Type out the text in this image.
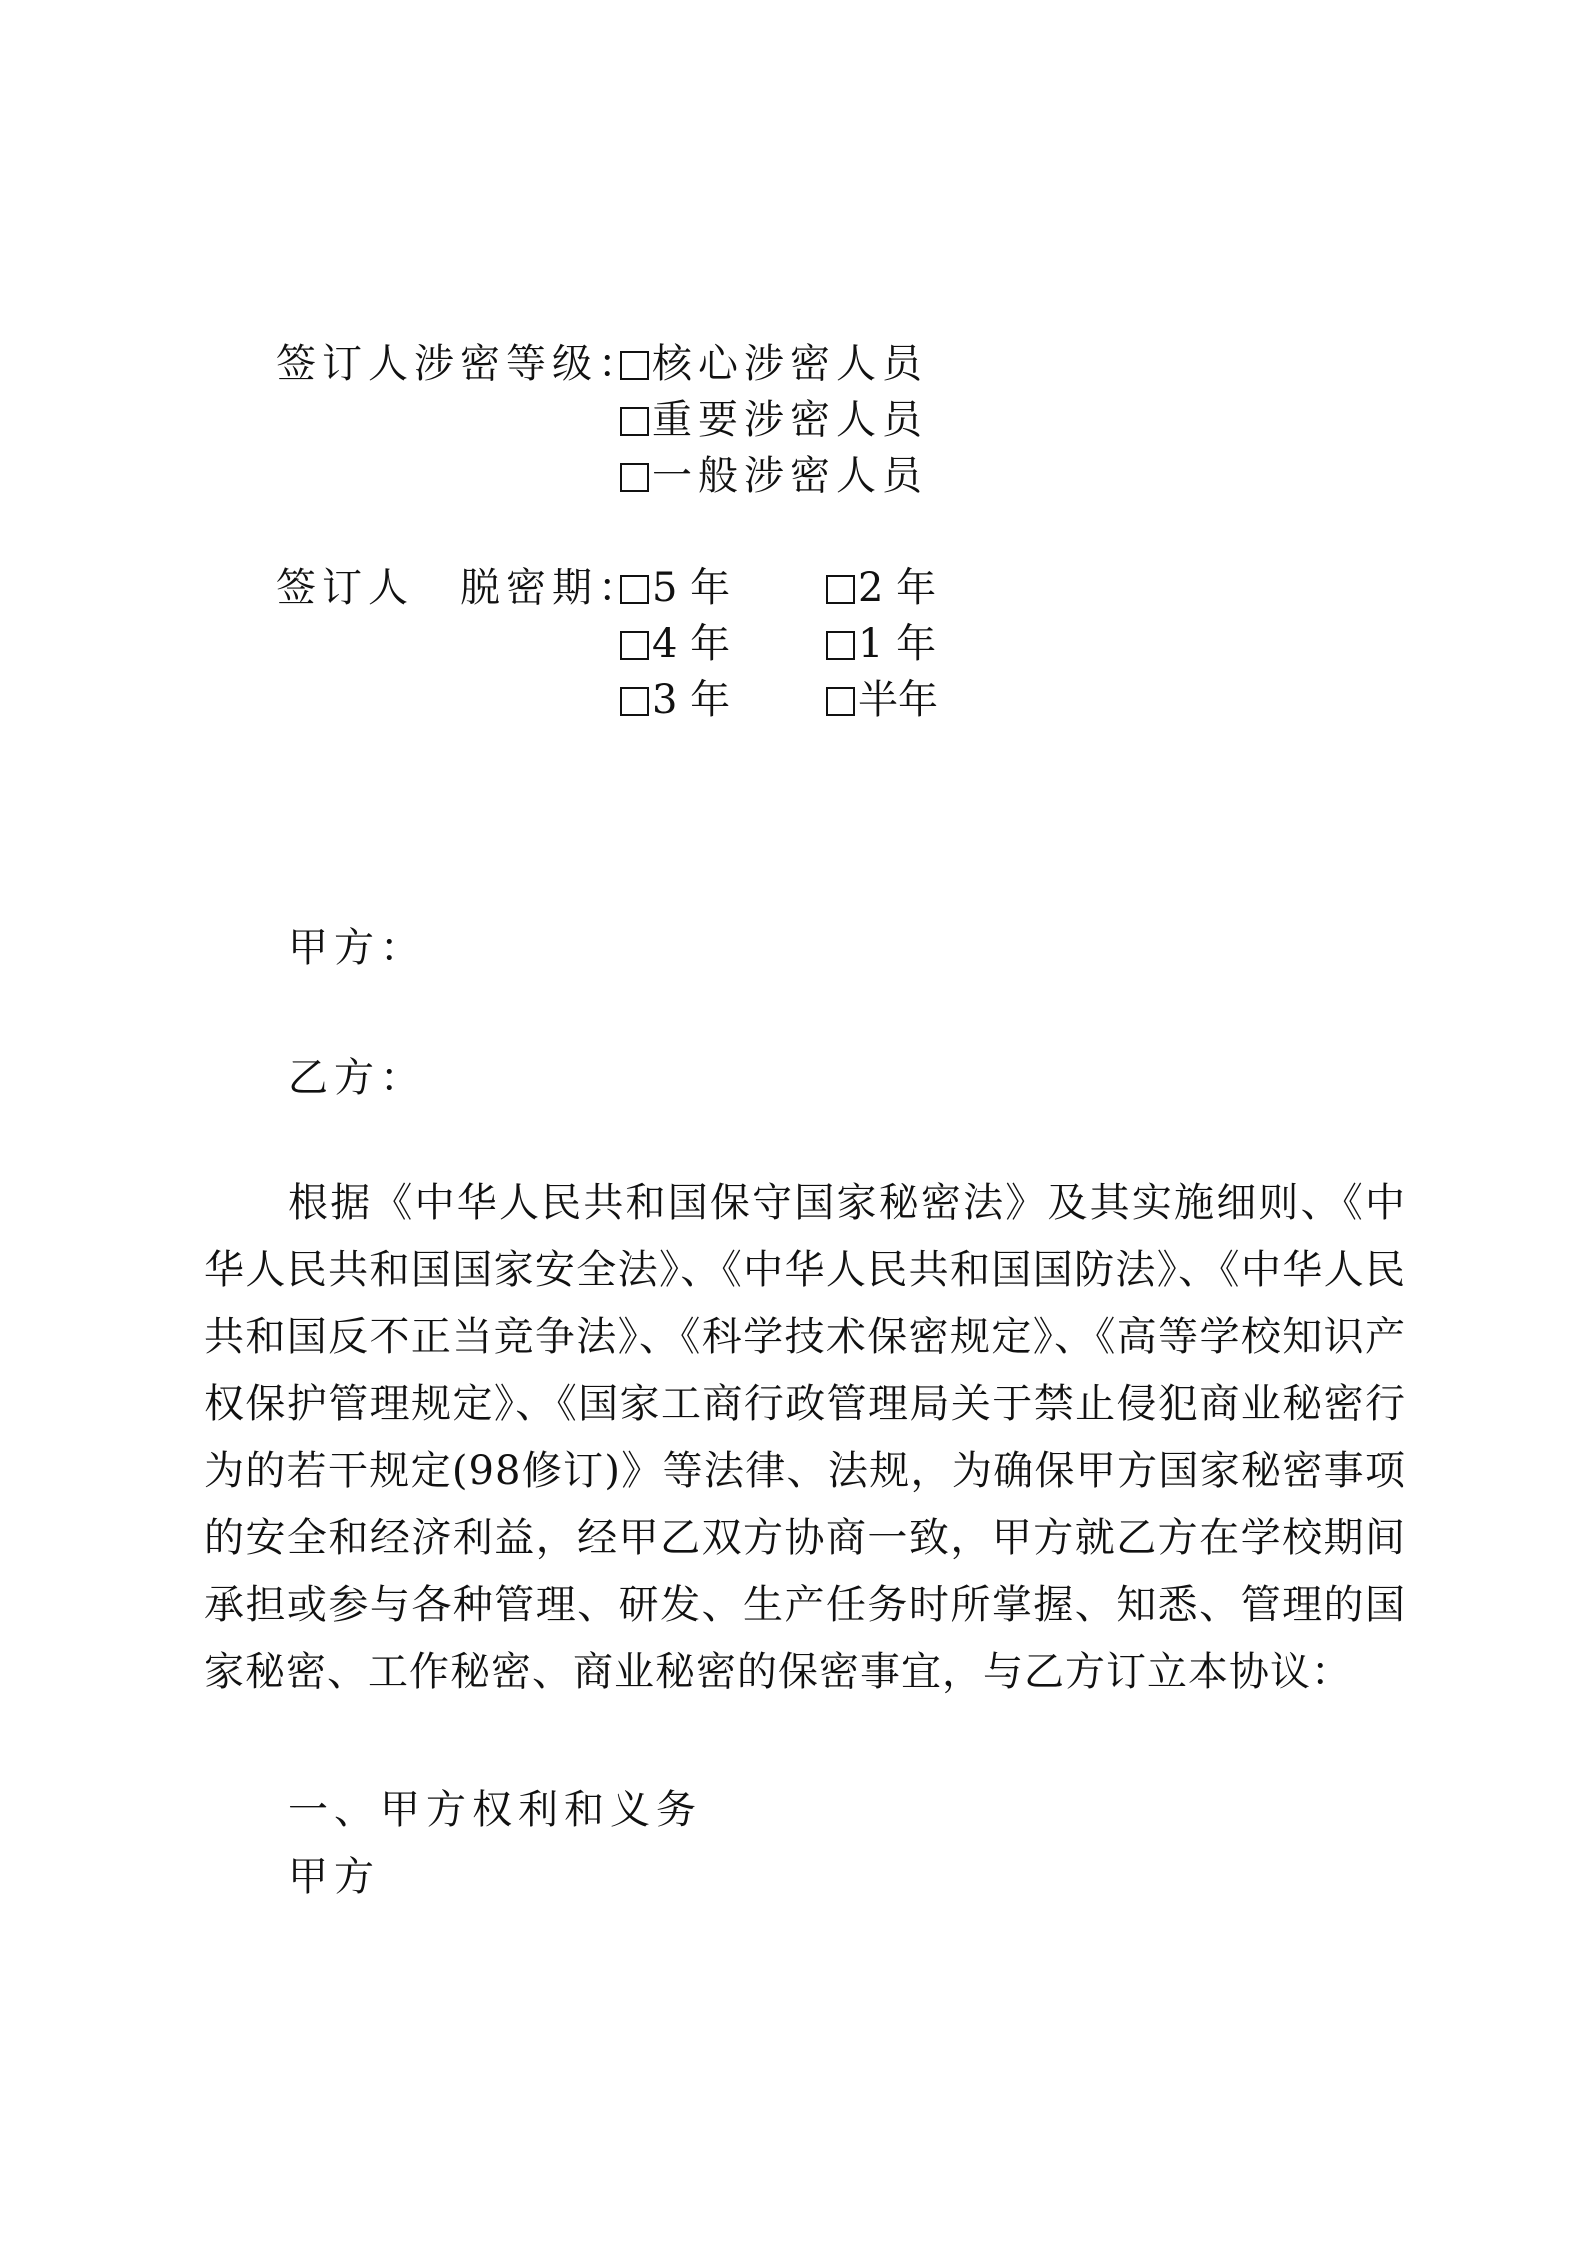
签订人涉密等级： 核心涉密人员
重要涉密人员
一般涉密人员
签订人　脱密期： 5 年	2 年
4 年	1 年
3 年	半年
甲方：
乙方：

根据《中华人民共和国保守国家秘密法》及其实施细则、《中华人民共和国国家安全法》、《中华人民共和国国防法》、《中华人民共和国反不正当竞争法》、《科学技术保密规定》、《高等学校知识产权保护管理规定》、《国家工商行政管理局关于禁止侵犯商业秘密行为的若干规定(98修订)》等法律、法规，为确保甲方国家秘密事项的安全和经济利益，经甲乙双方协商一致，甲方就乙方在学校期间承担或参与各种管理、研发、生产任务时所掌握、知悉、管理的国家秘密、工作秘密、商业秘密的保密事宜，与乙方订立本协议：

一、甲方权利和义务
甲方
